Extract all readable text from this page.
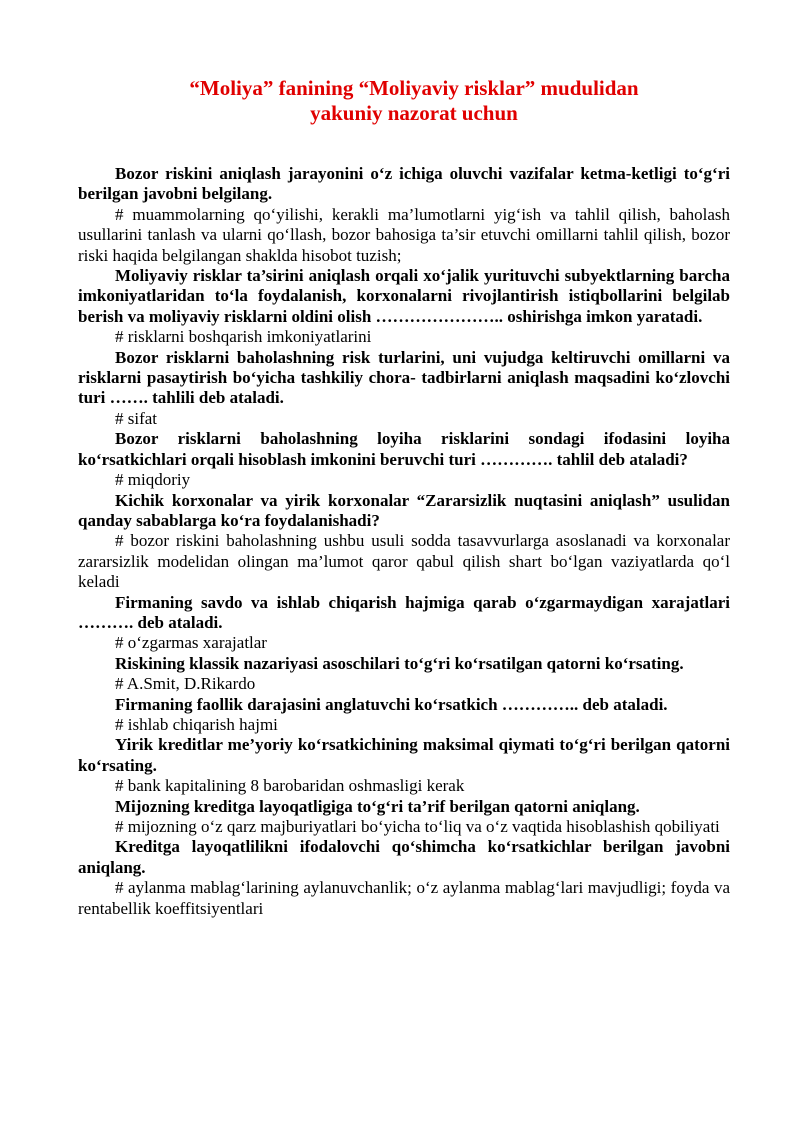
“Moliya” fanining “Moliyaviy risklar” mudulidan
yakuniy nazorat uchun

Bozor riskini aniqlash jarayonini o‘z ichiga oluvchi vazifalar ketma-ketligi to‘g‘ri berilgan javobni belgilang.

# muammolarning qo‘yilishi, kerakli ma’lumotlarni yig‘ish va tahlil qilish, baholash usullarini tanlash va ularni qo‘llash, bozor bahosiga ta’sir etuvchi omillarni tahlil qilish, bozor riski haqida belgilangan shaklda hisobot tuzish;

Moliyaviy risklar ta’sirini aniqlash orqali xo‘jalik yurituvchi subyektlarning barcha imkoniyatlaridan to‘la foydalanish, korxonalarni rivojlantirish istiqbollarini belgilab berish va moliyaviy risklarni oldini olish ………………….. oshirishga imkon yaratadi.

# risklarni boshqarish imkoniyatlarini

Bozor risklarni baholashning risk turlarini, uni vujudga keltiruvchi omillarni va risklarni pasaytirish bo‘yicha tashkiliy chora- tadbirlarni aniqlash maqsadini ko‘zlovchi turi ……. tahlili deb ataladi.

# sifat

Bozor risklarni baholashning loyiha risklarini sondagi ifodasini loyiha ko‘rsatkichlari orqali hisoblash imkonini beruvchi turi …………. tahlil deb ataladi?

# miqdoriy

Kichik korxonalar va yirik korxonalar “Zararsizlik nuqtasini aniqlash” usulidan qanday sabablarga ko‘ra foydalanishadi?

# bozor riskini baholashning ushbu usuli sodda tasavvurlarga asoslanadi va korxonalar zararsizlik modelidan olingan ma’lumot qaror qabul qilish shart bo‘lgan vaziyatlarda qo‘l keladi

Firmaning savdo va ishlab chiqarish hajmiga qarab o‘zgarmaydigan xarajatlari ………. deb ataladi.

# o‘zgarmas xarajatlar

Riskining klassik nazariyasi asoschilari to‘g‘ri ko‘rsatilgan qatorni ko‘rsating.

# A.Smit, D.Rikardo

Firmaning faollik darajasini anglatuvchi ko‘rsatkich ………….. deb ataladi.

# ishlab chiqarish hajmi

Yirik kreditlar me’yoriy ko‘rsatkichining maksimal qiymati to‘g‘ri berilgan qatorni ko‘rsating.

# bank kapitalining 8 barobaridan oshmasligi kerak

Mijozning kreditga layoqatligiga to‘g‘ri ta’rif berilgan qatorni aniqlang.

# mijozning o‘z qarz majburiyatlari bo‘yicha to‘liq va o‘z vaqtida hisoblashish qobiliyati

Kreditga layoqatlilikni ifodalovchi qo‘shimcha ko‘rsatkichlar berilgan javobni aniqlang.

# aylanma mablag‘larining aylanuvchanlik; o‘z aylanma mablag‘lari mavjudligi; foyda va rentabellik koeffitsiyentlari
